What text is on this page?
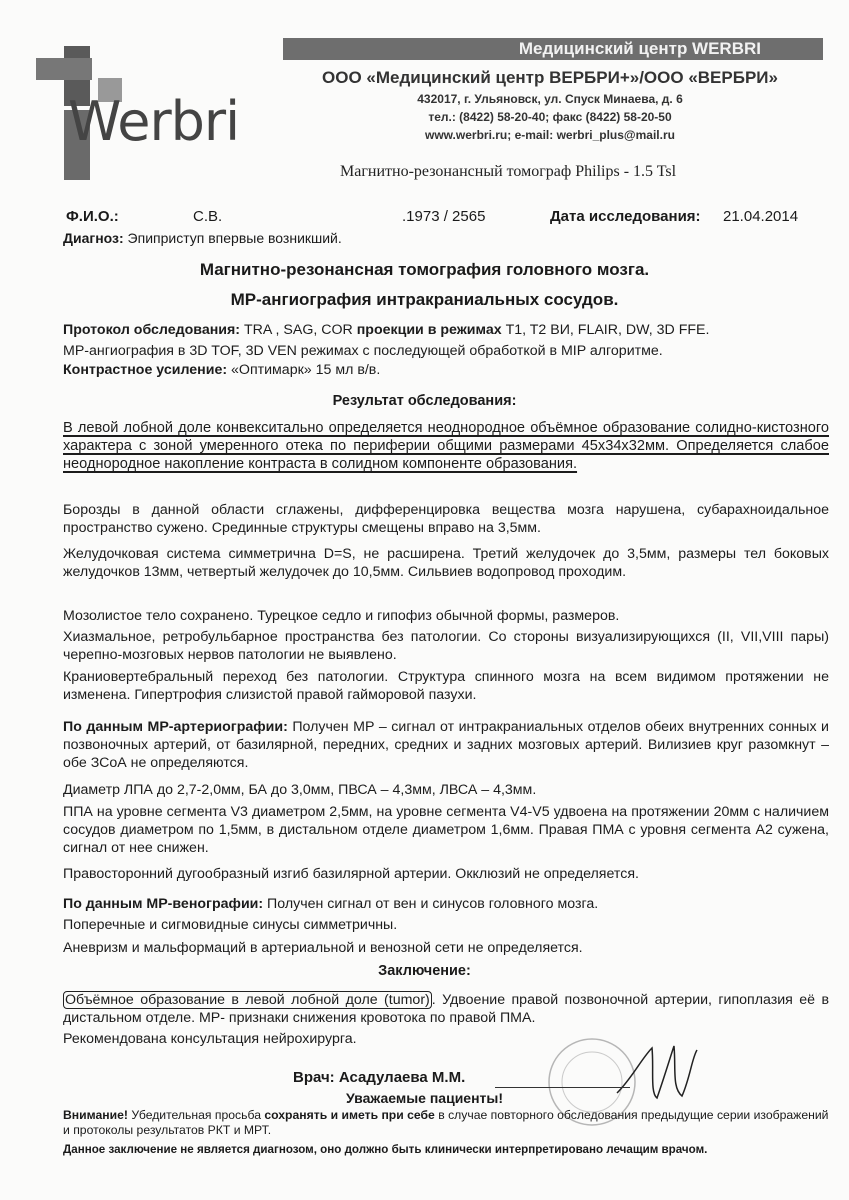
Werbri
Медицинский центр WERBRI
ООО «Медицинский центр ВЕРБРИ+»/ООО «ВЕРБРИ»
432017, г. Ульяновск, ул. Спуск Минаева, д. 6
тел.: (8422) 58-20-40; факс (8422) 58-20-50
www.werbri.ru; e-mail: werbri_plus@mail.ru
Магнитно-резонансный томограф Philips - 1.5 Tsl
Ф.И.О.:	С.В.	.1973 / 2565	Дата исследования: 21.04.2014
Диагноз: Эпиприступ впервые возникший.
Магнитно-резонансная томография головного мозга.
МР-ангиография интракраниальных сосудов.
Протокол обследования: TRA , SAG, COR проекции в режимах T1, T2 ВИ, FLAIR, DW, 3D FFE.
МР-ангиография в 3D TOF, 3D VEN режимах с последующей обработкой в MIP алгоритме.
Контрастное усиление: «Оптимарк» 15 мл в/в.
Результат обследования:
В левой лобной доле конвекситально определяется неоднородное объёмное образование солидно-кистозного характера с зоной умеренного отека по периферии общими размерами 45х34х32мм. Определяется слабое неоднородное накопление контраста в солидном компоненте образования.
Борозды в данной области сглажены, дифференцировка вещества мозга нарушена, субарахноидальное пространство сужено. Срединные структуры смещены вправо на 3,5мм.
Желудочковая система симметрична D=S, не расширена. Третий желудочек до 3,5мм, размеры тел боковых желудочков 13мм, четвертый желудочек до 10,5мм. Сильвиев водопровод проходим.
Мозолистое тело сохранено. Турецкое седло и гипофиз обычной формы, размеров.
Хиазмальное, ретробульбарное пространства без патологии. Со стороны визуализирующихся (II, VII,VIII пары) черепно-мозговых нервов патологии не выявлено.
Краниовертебральный переход без патологии. Структура спинного мозга на всем видимом протяжении не изменена. Гипертрофия слизистой правой гайморовой пазухи.
По данным МР-артериографии: Получен МР – сигнал от интракраниальных отделов обеих внутренних сонных и позвоночных артерий, от базилярной, передних, средних и задних мозговых артерий. Вилизиев круг разомкнут – обе ЗСоА не определяются.
Диаметр ЛПА до 2,7-2,0мм, БА до 3,0мм, ПВСА – 4,3мм, ЛВСА – 4,3мм.
ППА на уровне сегмента V3 диаметром 2,5мм, на уровне сегмента V4-V5 удвоена на протяжении 20мм с наличием сосудов диаметром по 1,5мм, в дистальном отделе диаметром 1,6мм. Правая ПМА с уровня сегмента А2 сужена, сигнал от нее снижен.
Правосторонний дугообразный изгиб базилярной артерии. Окклюзий не определяется.
По данным МР-венографии: Получен сигнал от вен и синусов головного мозга.
Поперечные и сигмовидные синусы симметричны.
Аневризм и мальформаций в артериальной и венозной сети не определяется.
Заключение:
Объёмное образование в левой лобной доле (tumor) . Удвоение правой позвоночной артерии, гипоплазия её в дистальном отделе. МР- признаки снижения кровотока по правой ПМА.
Рекомендована консультация нейрохирурга.
Врач: Асадулаева М.М.
Уважаемые пациенты!
Внимание! Убедительная просьба сохранять и иметь при себе в случае повторного обследования предыдущие серии изображений и протоколы результатов РКТ и МРТ.
Данное заключение не является диагнозом, оно должно быть клинически интерпретировано лечащим врачом.
